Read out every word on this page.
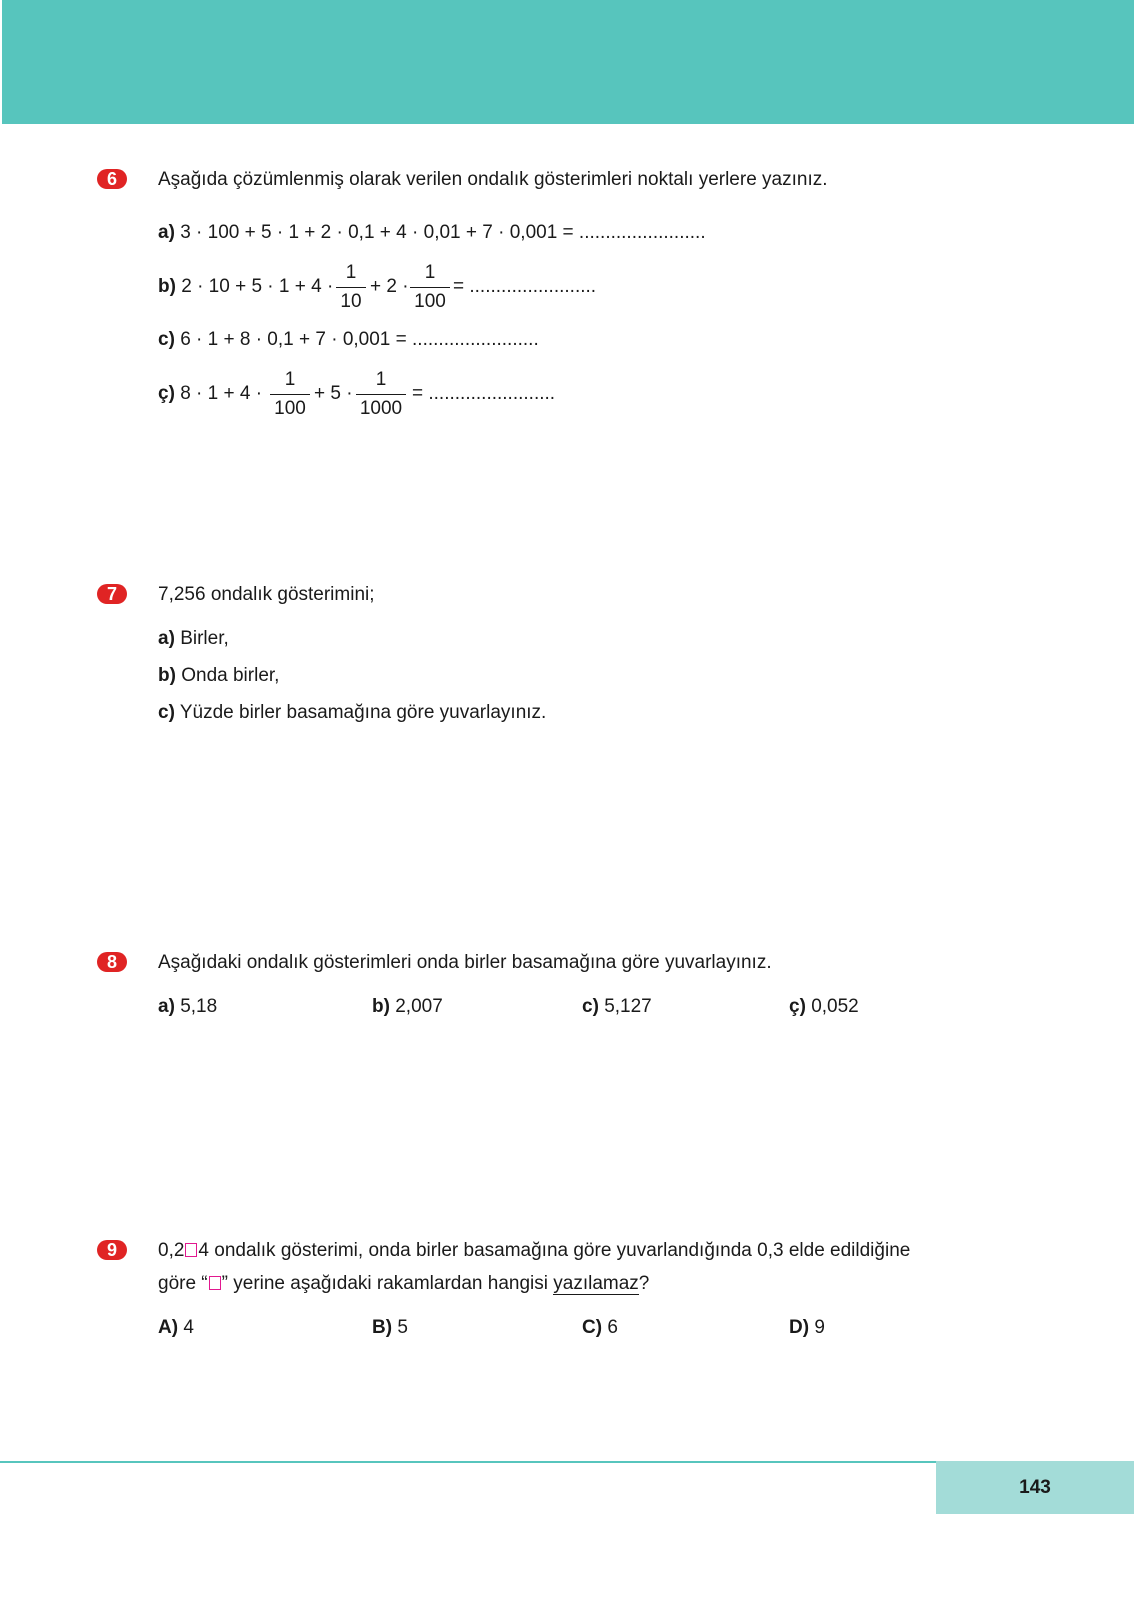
6	Aşağıda çözümlenmiş olarak verilen ondalık gösterimleri noktalı yerlere yazınız.
a) 3 · 100 + 5 · 1 + 2 · 0,1 + 4 · 0,01 + 7 · 0,001 = ........................
b) 2 · 10 + 5 · 1 + 4 ·
1
10
+ 2 ·
1
100
= ........................
c) 6 · 1 + 8 · 0,1 + 7 · 0,001 = ........................
ç) 8 · 1 + 4 ·
1
100
+ 5 ·
1
1000
= ........................
7	7,256 ondalık gösterimini;
a) Birler,
b) Onda birler,
c) Yüzde birler basamağına göre yuvarlayınız.
8	Aşağıdaki ondalık gösterimleri onda birler basamağına göre yuvarlayınız.
a) 5,18	b) 2,007	c) 5,127	ç) 0,052
9	0,2 4 ondalık gösterimi, onda birler basamağına göre yuvarlandığında 0,3 elde edildiğine
göre “ ” yerine aşağıdaki rakamlardan hangisi yazılamaz?
A) 4	B) 5	C) 6	D) 9
143
